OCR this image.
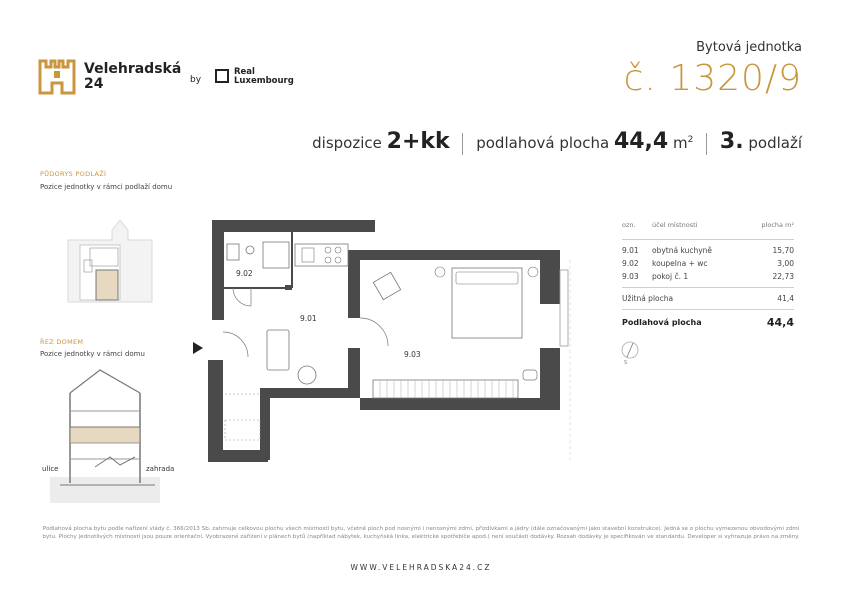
Velehradská
24	by
Real
Luxembourg
Bytová jednotka
č. 1320/9
dispozice 2+kk podlahová plocha 44,4 $m^2$ 3. podlaží
PŮDORYS PODLAŽÍ
Pozice jednotky v rámci podlaží domu
ŘEZ DOMEM
Pozice jednotky v rámci domu
ulice	zahrada
9.02
9.01
9.03
ozn.	účel místnosti	plocha m²
9.01	obytná kuchyně	15,70
9.02	koupelna + wc	3,00
9.03	pokoj č. 1	22,73
Užitná plocha	41,4
Podlahová plocha	44,4
S
Podlahová plocha bytu podle nařízení vlády č. 366/2013 Sb. zahrnuje celkovou plochu všech místností bytu, včetně ploch pod nosnými i nenosnými zdmi, přizdívkami a jádry (dále označovanými jako stavební konstrukce). Jedná se o plochu vymezenou obvodovými zdmi bytu. Plochy jednotlivých místností jsou pouze orientační. Vyobrazené zařízení v plánech bytů (například nábytek, kuchyňská linka, elektrické spotřebiče apod.) není součástí dodávky. Rozsah dodávky je specifikován ve standardu. Developer si vyhrazuje právo na změny.
WWW.VELEHRADSKA24.CZ
